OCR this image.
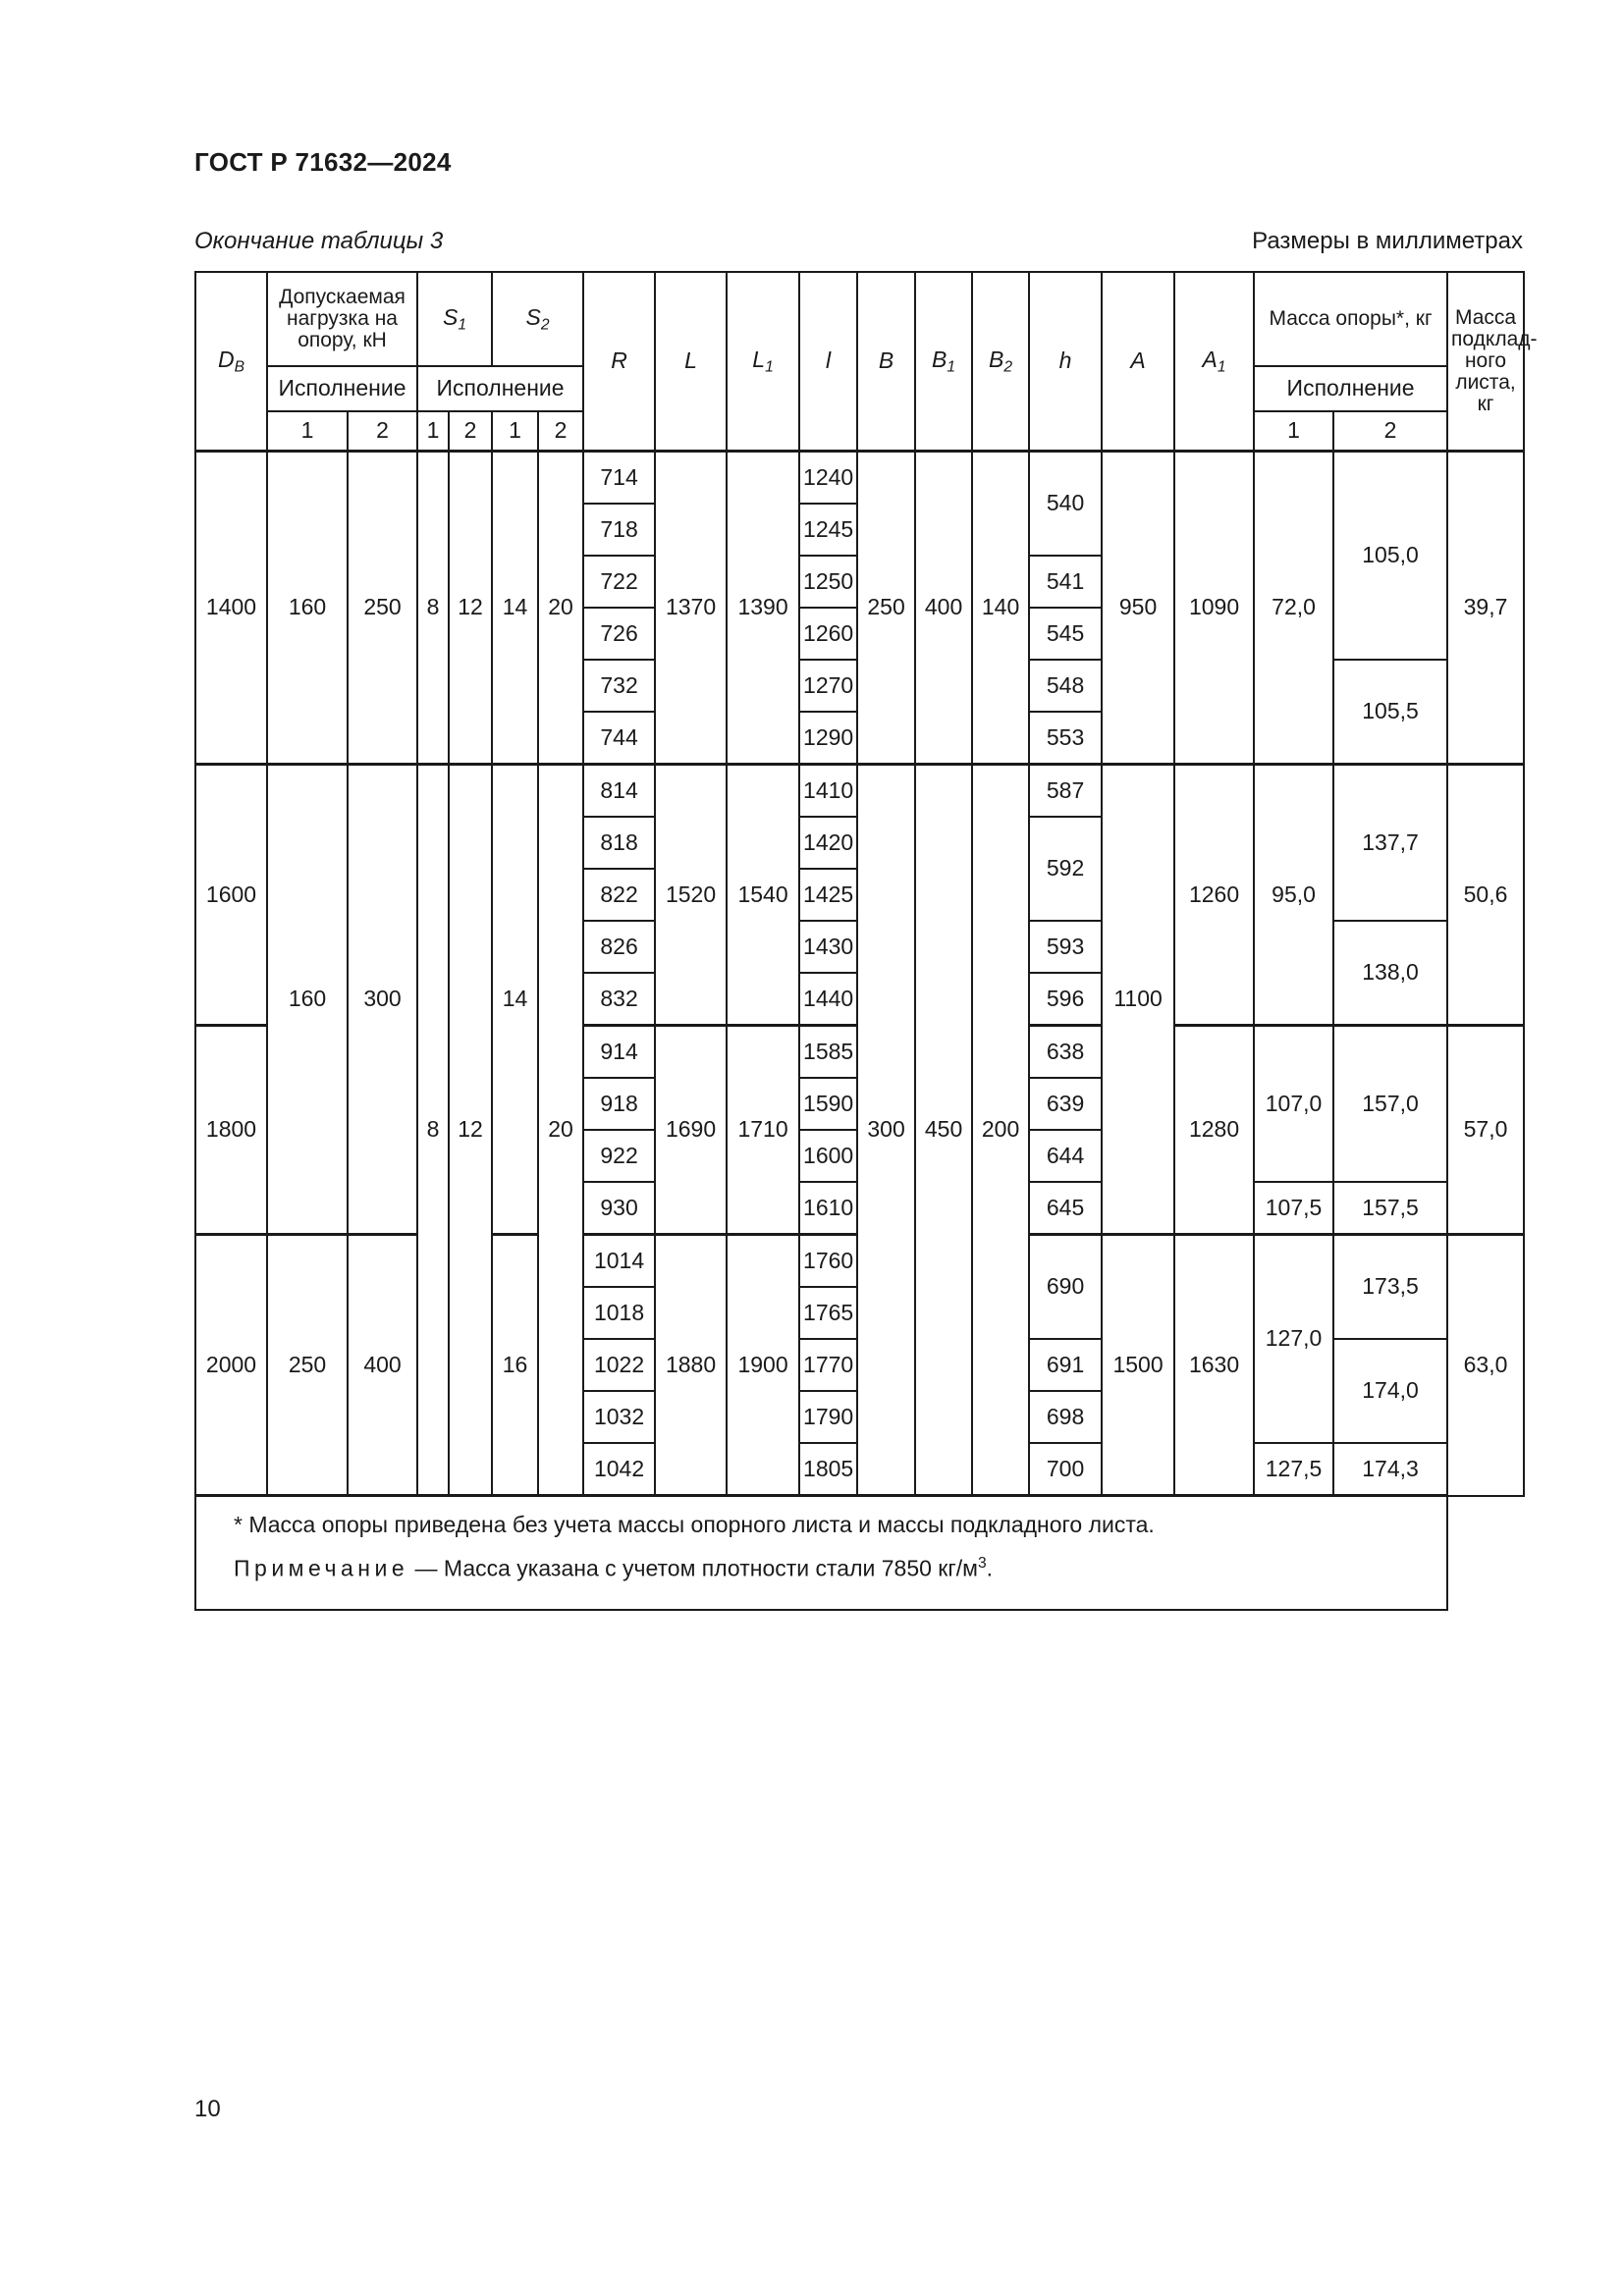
ГОСТ Р 71632—2024
Окончание таблицы 3	Размеры в миллиметрах
$D_B$	Допускаемая нагрузка на опору, кН		$S_1$		$S_2$		R	L	$L_1$	l	B	$B_1$	$B_2$	h	A	$A_1$	Масса опоры*, кг		Масса подклад- ного листа, кг
	Исполнение		Исполнение														Исполнение		
	1	2	1	2	1	2											1	2	
1400	160	250	8	12	14	20	714	1370	1390	1240	250	400	140	540	950	1090	72,0	105,0	39,7
							718			1245									
							722			1250				541					
							726			1260				545					
							732			1270				548				105,5	
							744			1290				553					
1600	160	300	8	12	14	20	814	1520	1540	1410	300	450	200	587	1100	1260	95,0	137,7	50,6
							818			1420				592					
							822			1425									
							826			1430				593				138,0	
							832			1440				596					
1800							914	1690	1710	1585				638		1280	107,0	157,0	57,0
							918			1590				639					
							922			1600				644					
							930			1610				645			107,5	157,5	
2000	250	400			16		1014	1880	1900	1760				690	1500	1630	127,0	173,5	63,0
							1018			1765									
							1022			1770				691				174,0	
							1032			1790				698					
							1042			1805				700			127,5	174,3	

* Масса опоры приведена без учета массы опорного листа и массы подкладного листа.
Примечание — Масса указана с учетом плотности стали 7850 $кг/м^3$.																			
10
